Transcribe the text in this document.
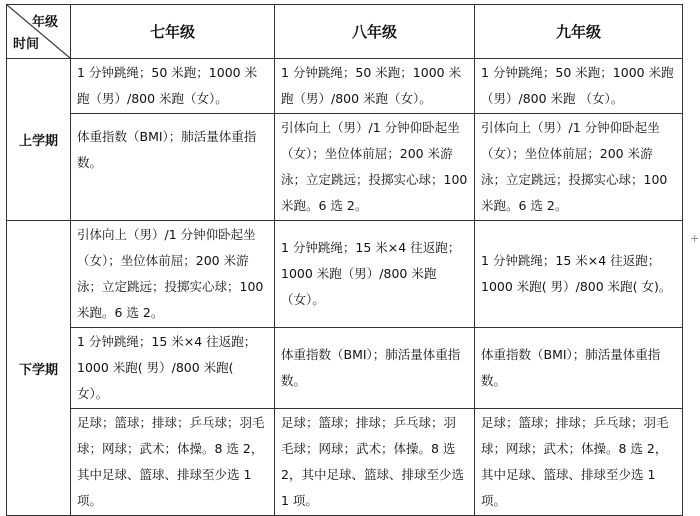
年级
时间	七年级	八年级	九年级
上学期	1 分钟跳绳；50 米跑；1000 米跑（男）/800 米跑（女）。	1 分钟跳绳；50 米跑；1000 米跑（男）/800 米跑（女）。	1 分钟跳绳；50 米跑；1000 米跑（男）/800 米跑 （女）。
	体重指数（BMI）；肺活量体重指数。	引体向上（男）/1 分钟仰卧起坐（女）；坐位体前屈；200 米游泳；立定跳远；投掷实心球；100 米跑。6 选 2。	引体向上（男）/1 分钟仰卧起坐（女）；坐位体前屈；200 米游泳；立定跳远；投掷实心球；100 米跑。6 选 2。
下学期	引体向上（男）/1 分钟仰卧起坐（女）；坐位体前屈；200 米游泳；立定跳远；投掷实心球；100 米跑。6 选 2。	1 分钟跳绳；15 米×4 往返跑；1000 米跑（男）/800 米跑（女）。	1 分钟跳绳；15 米×4 往返跑；1000 米跑( 男）/800 米跑( 女)。
	1 分钟跳绳；15 米×4 往返跑；1000 米跑( 男）/800 米跑( 女）。	体重指数（BMI）；肺活量体重指数。	体重指数（BMI）；肺活量体重指数。
	足球；篮球；排球；乒乓球；羽毛球；网球；武术；体操。8 选 2，其中足球、篮球、排球至少选 1 项。	足球；篮球；排球；乒乓球；羽毛球；网球；武术；体操。8 选 2，其中足球、篮球、排球至少选 1 项。	足球；篮球；排球；乒乓球；羽毛球；网球；武术；体操。8 选 2，其中足球、篮球、排球至少选 1 项。
+
